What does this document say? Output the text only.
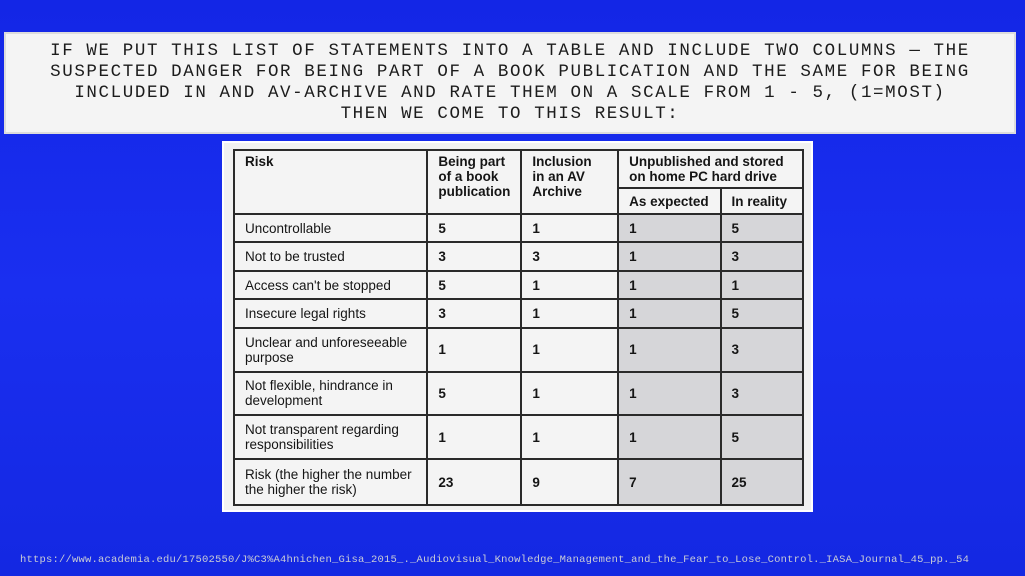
IF WE PUT THIS LIST OF STATEMENTS INTO A TABLE AND INCLUDE TWO COLUMNS — THE
SUSPECTED DANGER FOR BEING PART OF A BOOK PUBLICATION AND THE SAME FOR BEING
INCLUDED IN AND AV-ARCHIVE AND RATE THEM ON A SCALE FROM 1 - 5, (1=MOST)
THEN WE COME TO THIS RESULT:
Risk	Being part of a book publication	Inclusion in an AV Archive	Unpublished and stored on home PC hard drive	
			As expected	In reality
Uncontrollable	5	1	1	5
Not to be trusted	3	3	1	3
Access can't be stopped	5	1	1	1
Insecure legal rights	3	1	1	5
Unclear and unforeseeable purpose	1	1	1	3
Not flexible, hindrance in development	5	1	1	3
Not transparent regarding responsibilities	1	1	1	5
Risk (the higher the number the higher the risk)	23	9	7	25
https://www.academia.edu/17502550/J%C3%A4hnichen_Gisa_2015_._Audiovisual_Knowledge_Management_and_the_Fear_to_Lose_Control._IASA_Journal_45_pp._54
